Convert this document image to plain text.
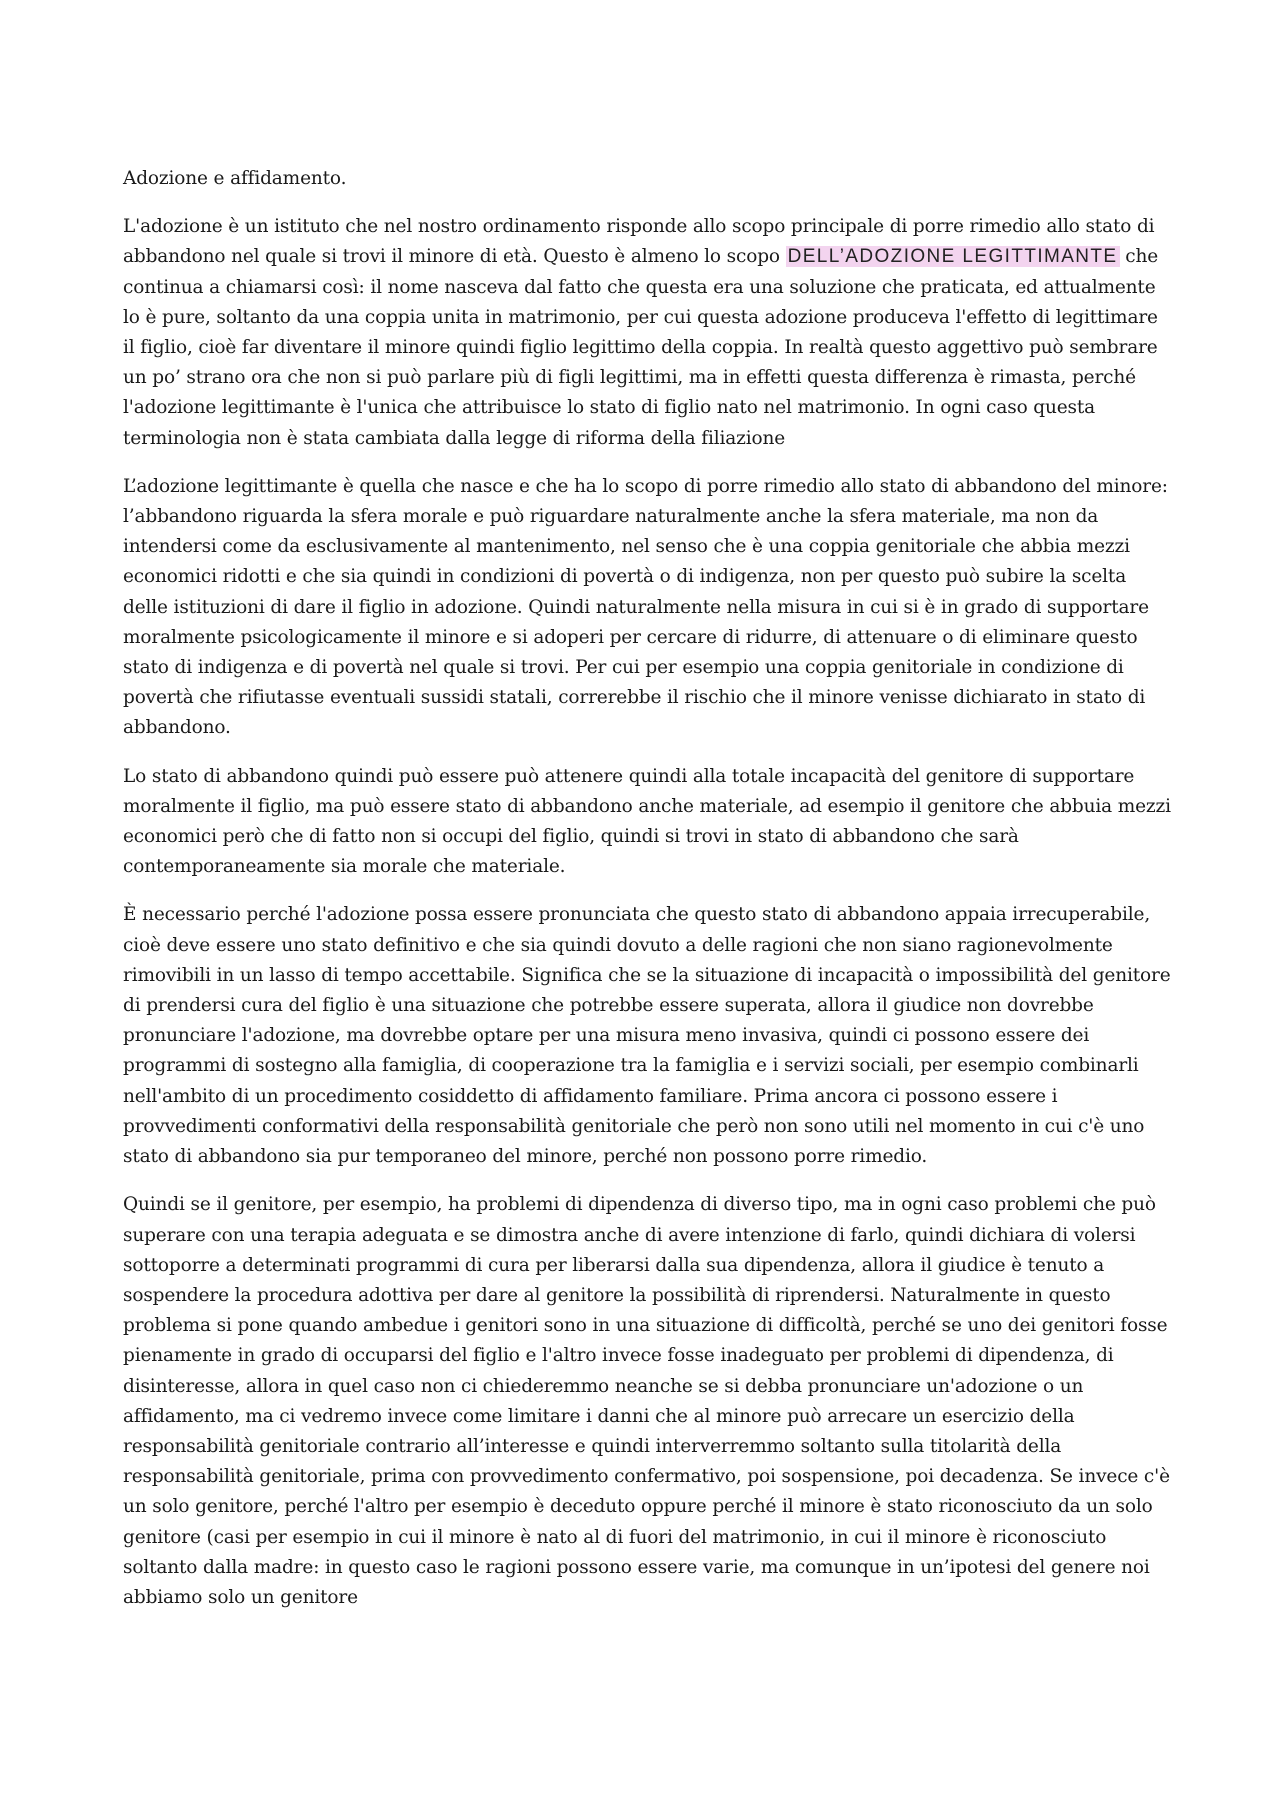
Adozione e affidamento.

L'adozione è un istituto che nel nostro ordinamento risponde allo scopo principale di porre rimedio allo stato di abbandono nel quale si trovi il minore di età. Questo è almeno lo scopo DELL’ADOZIONE LEGITTIMANTE che continua a chiamarsi così: il nome nasceva dal fatto che questa era una soluzione che praticata, ed attualmente lo è pure, soltanto da una coppia unita in matrimonio, per cui questa adozione produceva l'effetto di legittimare il figlio, cioè far diventare il minore quindi figlio legittimo della coppia. In realtà questo aggettivo può sembrare un po’ strano ora che non si può parlare più di figli legittimi, ma in effetti questa differenza è rimasta, perché l'adozione legittimante è l'unica che attribuisce lo stato di figlio nato nel matrimonio. In ogni caso questa terminologia non è stata cambiata dalla legge di riforma della filiazione

L’adozione legittimante è quella che nasce e che ha lo scopo di porre rimedio allo stato di abbandono del minore: l’abbandono riguarda la sfera morale e può riguardare naturalmente anche la sfera materiale, ma non da intendersi come da esclusivamente al mantenimento, nel senso che è una coppia genitoriale che abbia mezzi economici ridotti e che sia quindi in condizioni di povertà o di indigenza, non per questo può subire la scelta delle istituzioni di dare il figlio in adozione. Quindi naturalmente nella misura in cui si è in grado di supportare moralmente psicologicamente il minore e si adoperi per cercare di ridurre, di attenuare o di eliminare questo stato di indigenza e di povertà nel quale si trovi. Per cui per esempio una coppia genitoriale in condizione di povertà che rifiutasse eventuali sussidi statali, correrebbe il rischio che il minore venisse dichiarato in stato di abbandono.

Lo stato di abbandono quindi può essere può attenere quindi alla totale incapacità del genitore di supportare moralmente il figlio, ma può essere stato di abbandono anche materiale, ad esempio il genitore che abbuia mezzi economici però che di fatto non si occupi del figlio, quindi si trovi in stato di abbandono che sarà contemporaneamente sia morale che materiale.

È necessario perché l'adozione possa essere pronunciata che questo stato di abbandono appaia irrecuperabile, cioè deve essere uno stato definitivo e che sia quindi dovuto a delle ragioni che non siano ragionevolmente rimovibili in un lasso di tempo accettabile. Significa che se la situazione di incapacità o impossibilità del genitore di prendersi cura del figlio è una situazione che potrebbe essere superata, allora il giudice non dovrebbe pronunciare l'adozione, ma dovrebbe optare per una misura meno invasiva, quindi ci possono essere dei programmi di sostegno alla famiglia, di cooperazione tra la famiglia e i servizi sociali, per esempio combinarli nell'ambito di un procedimento cosiddetto di affidamento familiare. Prima ancora ci possono essere i provvedimenti conformativi della responsabilità genitoriale che però non sono utili nel momento in cui c'è uno stato di abbandono sia pur temporaneo del minore, perché non possono porre rimedio.

Quindi se il genitore, per esempio, ha problemi di dipendenza di diverso tipo, ma in ogni caso problemi che può superare con una terapia adeguata e se dimostra anche di avere intenzione di farlo, quindi dichiara di volersi sottoporre a determinati programmi di cura per liberarsi dalla sua dipendenza, allora il giudice è tenuto a sospendere la procedura adottiva per dare al genitore la possibilità di riprendersi. Naturalmente in questo problema si pone quando ambedue i genitori sono in una situazione di difficoltà, perché se uno dei genitori fosse pienamente in grado di occuparsi del figlio e l'altro invece fosse inadeguato per problemi di dipendenza, di disinteresse, allora in quel caso non ci chiederemmo neanche se si debba pronunciare un'adozione o un affidamento, ma ci vedremo invece come limitare i danni che al minore può arrecare un esercizio della responsabilità genitoriale contrario all’interesse e quindi interverremmo soltanto sulla titolarità della responsabilità genitoriale, prima con provvedimento confermativo, poi sospensione, poi decadenza. Se invece c'è un solo genitore, perché l'altro per esempio è deceduto oppure perché il minore è stato riconosciuto da un solo genitore (casi per esempio in cui il minore è nato al di fuori del matrimonio, in cui il minore è riconosciuto soltanto dalla madre: in questo caso le ragioni possono essere varie, ma comunque in un’ipotesi del genere noi abbiamo solo un genitore
